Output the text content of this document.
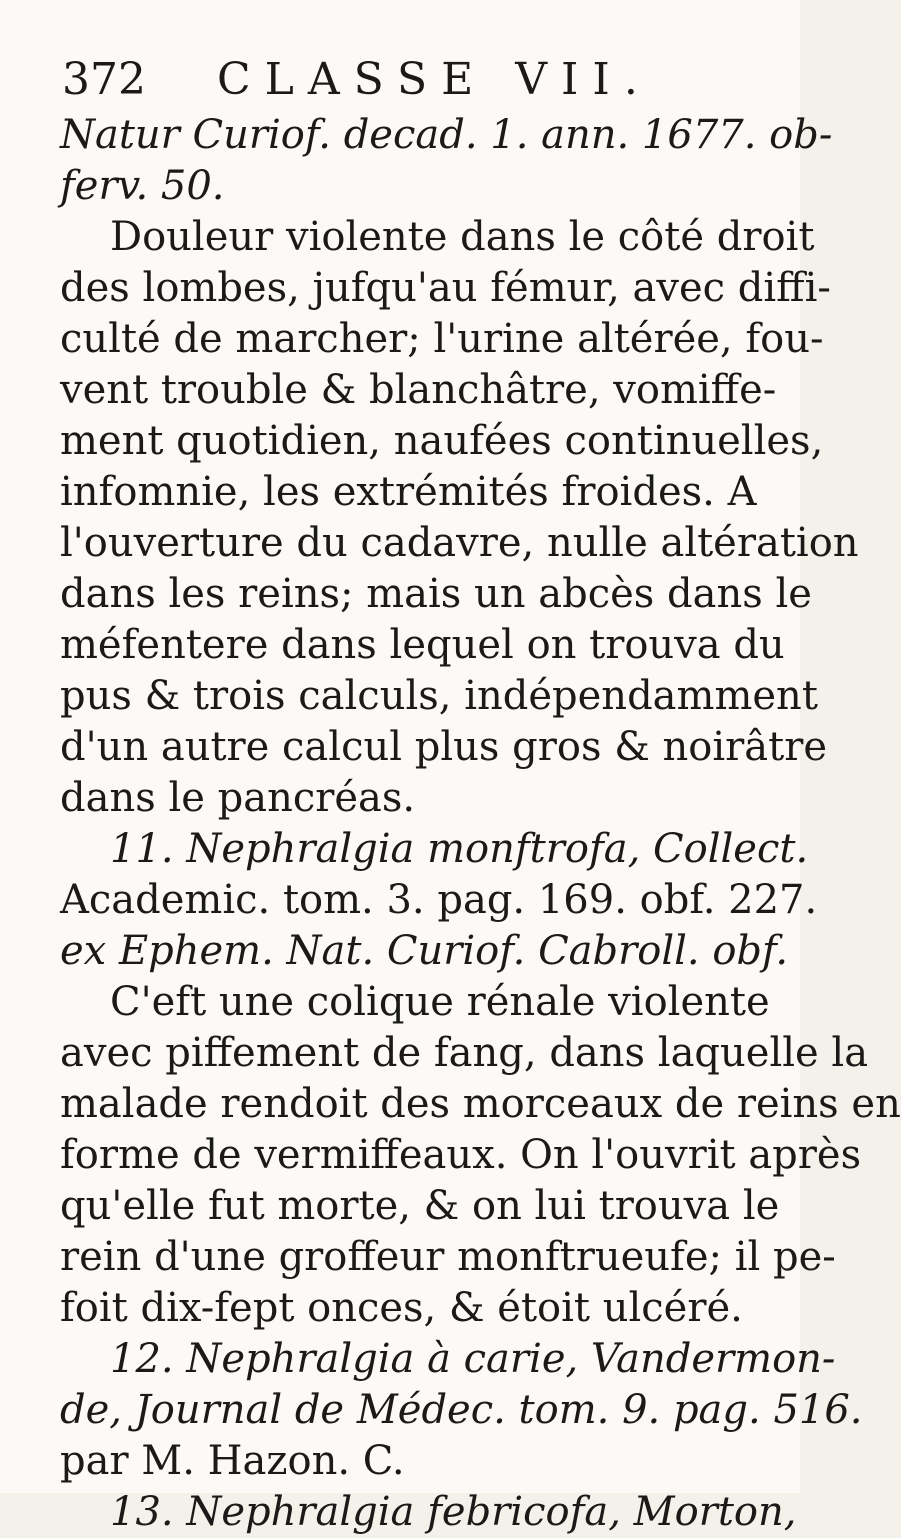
372 CLASSE VII.
Natur Curiof. decad. 1. ann. 1677. ob-
ferv. 50.
Douleur violente dans le côté droit
des lombes, jufqu'au fémur, avec diffi-
culté de marcher; l'urine altérée, fou-
vent trouble & blanchâtre, vomiffe-
ment quotidien, naufées continuelles,
infomnie, les extrémités froides. A
l'ouverture du cadavre, nulle altération
dans les reins; mais un abcès dans le
méfentere dans lequel on trouva du
pus & trois calculs, indépendamment
d'un autre calcul plus gros & noirâtre
dans le pancréas.
11. Nephralgia monftrofa, Collect.
Academic. tom. 3. pag. 169. obf. 227.
ex Ephem. Nat. Curiof. Cabroll. obf.
C'eft une colique rénale violente
avec piffement de fang, dans laquelle la
malade rendoit des morceaux de reins en
forme de vermiffeaux. On l'ouvrit après
qu'elle fut morte, & on lui trouva le
rein d'une groffeur monftrueufe; il pe-
foit dix-fept onces, & étoit ulcéré.
12. Nephralgia à carie, Vandermon-
de, Journal de Médec. tom. 9. pag. 516.
par M. Hazon. C.
13. Nephralgia febricofa, Morton,
